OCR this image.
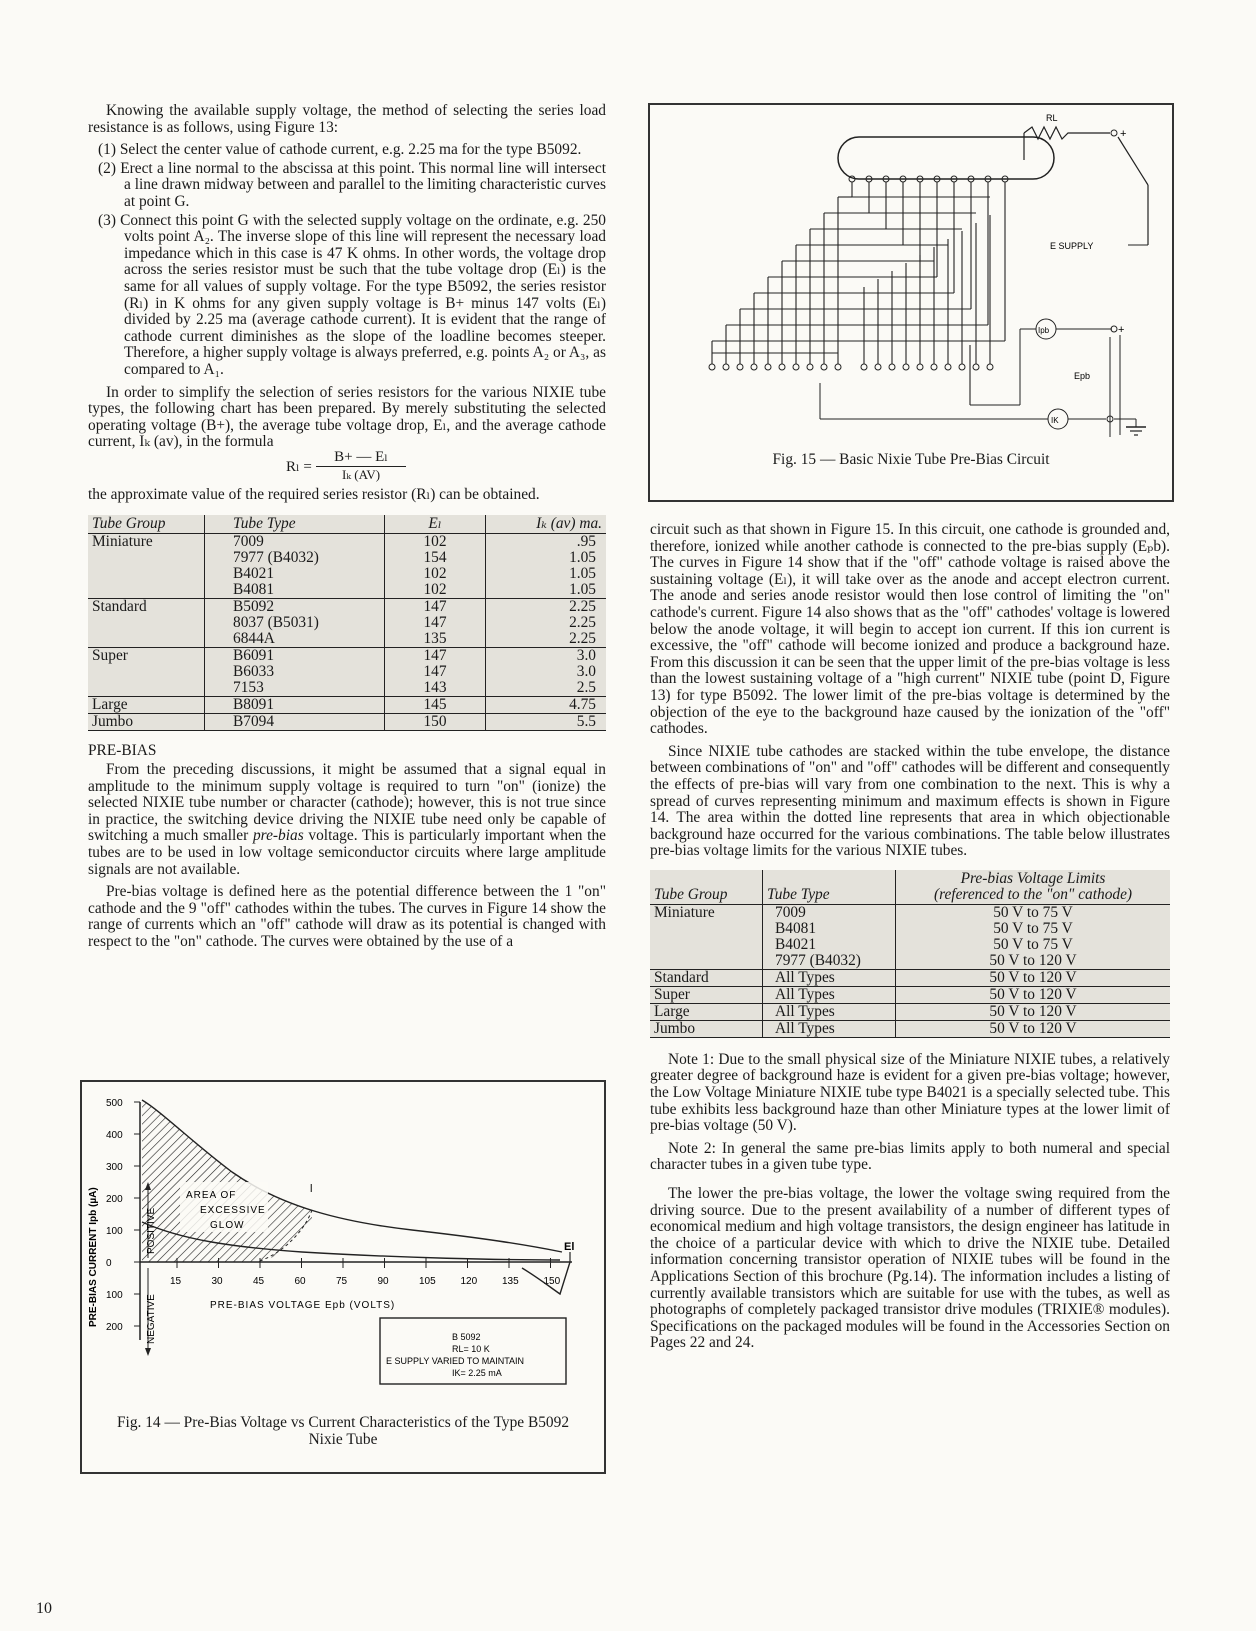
Knowing the available supply voltage, the method of selecting the series load resistance is as follows, using Figure 13:

(1) Select the center value of cathode current, e.g. 2.25 ma for the type B5092.
(2) Erect a line normal to the abscissa at this point. This normal line will intersect a line drawn midway between and parallel to the limiting characteristic curves at point G.
(3) Connect this point G with the selected supply voltage on the ordinate, e.g. 250 volts point A₂. The inverse slope of this line will represent the necessary load impedance which in this case is 47 K ohms. In other words, the voltage drop across the series resistor must be such that the tube voltage drop (Eₗ) is the same for all values of supply voltage. For the type B5092, the series resistor (Rₗ) in K ohms for any given supply voltage is B+ minus 147 volts (Eₗ) divided by 2.25 ma (average cathode current). It is evident that the range of cathode current diminishes as the slope of the loadline becomes steeper. Therefore, a higher supply voltage is always preferred, e.g. points A₂ or A₃, as compared to A₁.

In order to simplify the selection of series resistors for the various NIXIE tube types, the following chart has been prepared. By merely substituting the selected operating voltage (B+), the average tube voltage drop, Eₗ, and the average cathode current, Iₖ (av), in the formula

$R_l = \frac{\text{B+ — Eₗ}}{\text{Iₖ (AV)}}$

the approximate value of the required series resistor (Rₗ) can be obtained.

Tube Group	Tube Type	Eₗ	Iₖ (av) ma.
Miniature	7009	102	.95
	7977 (B4032)	154	1.05
	B4021	102	1.05
	B4081	102	1.05
Standard	B5092	147	2.25
	8037 (B5031)	147	2.25
	6844A	135	2.25
Super	B6091	147	3.0
	B6033	147	3.0
	7153	143	2.5
Large	B8091	145	4.75
Jumbo	B7094	150	5.5
PRE-BIAS

From the preceding discussions, it might be assumed that a signal equal in amplitude to the minimum supply voltage is required to turn "on" (ionize) the selected NIXIE tube number or character (cathode); however, this is not true since in practice, the switching device driving the NIXIE tube need only be capable of switching a much smaller pre-bias voltage. This is particularly important when the tubes are to be used in low voltage semiconductor circuits where large amplitude signals are not available.

Pre-bias voltage is defined here as the potential difference between the 1 "on" cathode and the 9 "off" cathodes within the tubes. The curves in Figure 14 show the range of currents which an "off" cathode will draw as its potential is changed with respect to the "on" cathode. The curves were obtained by the use of a

500
400
300
200
100
0
100
200
15	30	45	60	75	90	105 120 135 150
El
l
AREA OF
EXCESSIVE
GLOW
POSITIVE
NEGATIVE
PRE-BIAS CURRENT Ipb (µA)	PRE-BIAS VOLTAGE Epb (VOLTS)
B 5092
RL= 10 K
E SUPPLY VARIED TO MAINTAIN
IK= 2.25 mA
Fig. 14 — Pre-Bias Voltage vs Current Characteristics of the Type B5092 Nixie Tube
RL
+
E SUPPLY
Ipb	+
Epb
IK
Fig. 15 — Basic Nixie Tube Pre-Bias Circuit

circuit such as that shown in Figure 15. In this circuit, one cathode is grounded and, therefore, ionized while another cathode is connected to the pre-bias supply (Eₚb). The curves in Figure 14 show that if the "off" cathode voltage is raised above the sustaining voltage (Eₗ), it will take over as the anode and accept electron current. The anode and series anode resistor would then lose control of limiting the "on" cathode's current. Figure 14 also shows that as the "off" cathodes' voltage is lowered below the anode voltage, it will begin to accept ion current. If this ion current is excessive, the "off" cathode will become ionized and produce a background haze. From this discussion it can be seen that the upper limit of the pre-bias voltage is less than the lowest sustaining voltage of a "high current" NIXIE tube (point D, Figure 13) for type B5092. The lower limit of the pre-bias voltage is determined by the objection of the eye to the background haze caused by the ionization of the "off" cathodes.

Since NIXIE tube cathodes are stacked within the tube envelope, the distance between combinations of "on" and "off" cathodes will be different and consequently the effects of pre-bias will vary from one combination to the next. This is why a spread of curves representing minimum and maximum effects is shown in Figure 14. The area within the dotted line represents that area in which objectionable background haze occurred for the various combinations. The table below illustrates pre-bias voltage limits for the various NIXIE tubes.

Tube Group	Tube Type	Pre-bias Voltage Limits
(referenced to the "on" cathode)

Miniature	7009	50 V to 75 V
	B4081	50 V to 75 V
	B4021	50 V to 75 V
	7977 (B4032)	50 V to 120 V
Standard	All Types	50 V to 120 V
Super	All Types	50 V to 120 V
Large	All Types	50 V to 120 V
Jumbo	All Types	50 V to 120 V

Note 1: Due to the small physical size of the Miniature NIXIE tubes, a relatively greater degree of background haze is evident for a given pre-bias voltage; however, the Low Voltage Miniature NIXIE tube type B4021 is a specially selected tube. This tube exhibits less background haze than other Miniature types at the lower limit of pre-bias voltage (50 V).

Note 2: In general the same pre-bias limits apply to both numeral and special character tubes in a given tube type.

The lower the pre-bias voltage, the lower the voltage swing required from the driving source. Due to the present availability of a number of different types of economical medium and high voltage transistors, the design engineer has latitude in the choice of a particular device with which to drive the NIXIE tube. Detailed information concerning transistor operation of NIXIE tubes will be found in the Applications Section of this brochure (Pg.14). The information includes a listing of currently available transistors which are suitable for use with the tubes, as well as photographs of completely packaged transistor drive modules (TRIXIE® modules). Specifications on the packaged modules will be found in the Accessories Section on Pages 22 and 24.

10
